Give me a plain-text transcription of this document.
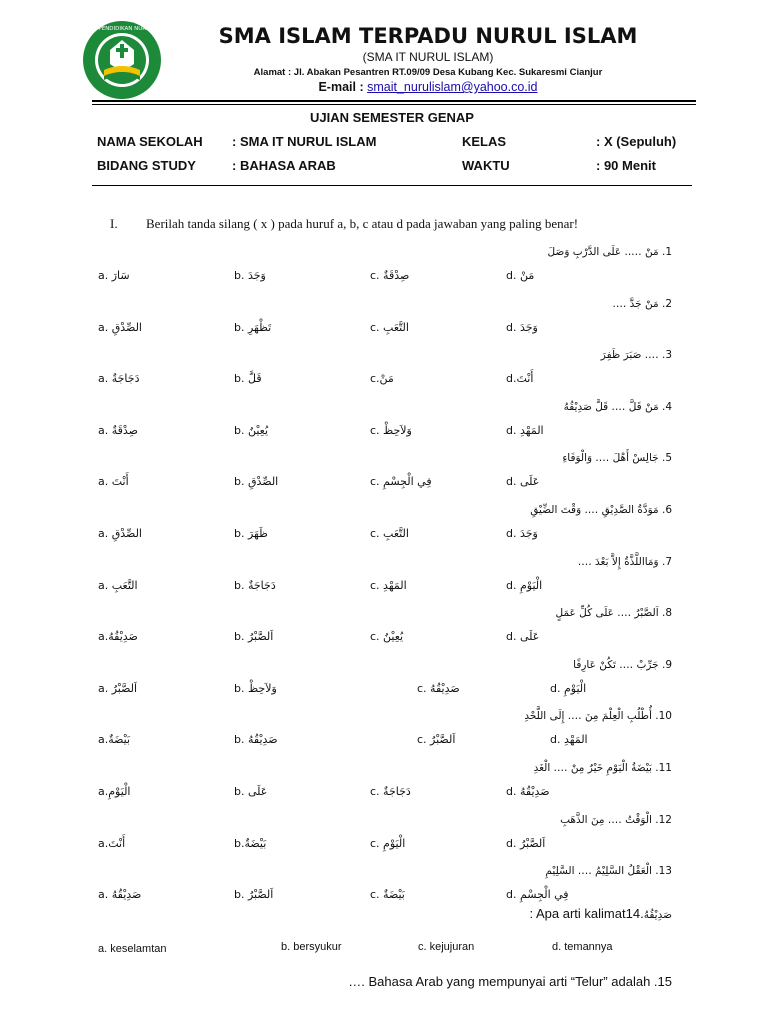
YAYASAN PENDIDIKAN NURUL ISLAM	SMA ISLAM TERPADU NURUL ISLAM
(SMA IT NURUL ISLAM)
Alamat : Jl. Abakan Pesantren RT.09/09 Desa Kubang Kec. Sukaresmi Cianjur
E-mail : smait_nurulislam@yahoo.co.id
UJIAN SEMESTER GENAP
NAMA SEKOLAH : SMA IT NURUL ISLAM	KELAS	: X (Sepuluh)
BIDANG STUDY	: BAHASA ARAB	WAKTU	: 90 Menit
I. Berilah tanda silang ( x ) pada huruf a, b, c atau d pada jawaban yang paling benar!
1. مَنْ ….. عَلَى الدَّرْبِ وَصَلَ
a. سَارَ	b. وَجَدَ	c. صِدْقَةٌ	d. مَنْ
2. مَنْ جَدَّ ….
a. الصِّدْقِ	b. تَظْهَرِ	c. التَّعَبِ	d. وَجَدَ
3. …. صَبَرَ ظَفِرَ
a. دَجَاجَةٌ	b. قَلَّ	c.مَنْ	d.أَنْتَ
4. مَنْ قَلَّ …. قَلَّ صَدِيْقُهُ
a. صِدْقَةٌ	b. يُعِيْنُ	c. وَلاَحِظْ	d. المَهْدِ
5. جَالِسْ أَهْلَ …. وَالْوَفَاءِ
a. أَنْتَ	b. الصِّدْقِ	c. فِي الْجِسْمِ	d. عَلَى
6. مَوَدَّةُ الصَّدِيْقِ …. وَقْتَ الضِّيْقِ
a. الصِّدْقِ	b. ظَهَرَ	c. التَّعَبِ	d. وَجَدَ
7. وَمَااللَّذَّةُ إِلاَّ بَعْدَ ….
a. التَّعَبِ	b. دَجَاجَةٌ	c. المَهْدِ	d. الْيَوْمِ
8. اَلصَّبْرُ …. عَلَى كُلِّ عَمَلٍ
a.صَدِيْقُهُ	b. اَلصَّبْرُ	c. يُعِيْنُ	d. عَلَى
9. جَرِّبْ …. تَكُنْ عَارِفًا
a. اَلصَّبْرُ	b. وَلاَحِظْ	c. صَدِيْقُهُ	d. الْيَوْمِ
10. أُطْلُبِ الْعِلْمَ مِنَ …. إِلَى اللَّحْدِ
a.بَيْضَةٌ	b. صَدِيْقُهُ	c. اَلصَّبْرُ	d. المَهْدِ
11. بَيْضَةُ الْيَوْمِ خَيْرٌ مِنْ …. الْغَدِ
a.الْيَوْمِ	b. عَلَى	c. دَجَاجَةٌ	d. صَدِيْقُهُ
12. الْوَقْتُ …. مِنَ الذَّهَبِ
a.أَنْتَ	b.بَيْضَةٌ	c. الْيَوْمِ	d. اَلصَّبْرُ
13. الْعَقْلُ السَّلِيْمُ …. السَّلِيْمِ
a. صَدِيْقُهُ	b. اَلصَّبْرُ	c. بَيْضَةٌ	d. فِي الْجِسْمِ
: Apa arti kalimat صَدِيْقُهُ.14
a. keselamtan	b. bersyukur	c. kejujuran	d. temannya
…. Bahasa Arab yang mempunyai arti “Telur” adalah .15
